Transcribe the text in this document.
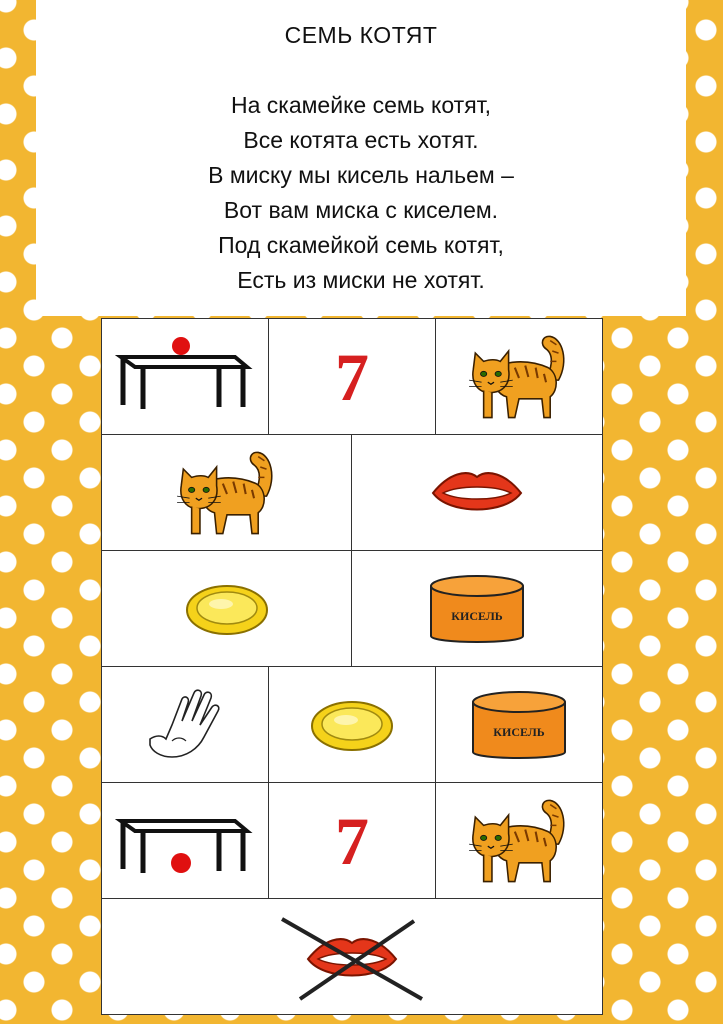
СЕМЬ КОТЯТ
На скамейке семь котят,
Все котята есть хотят.
В миску мы кисель нальем –
Вот вам миска с киселем.
Под скамейкой семь котят,
Есть из миски не хотят.
7
КИСЕЛЬ
КИСЕЛЬ
7
